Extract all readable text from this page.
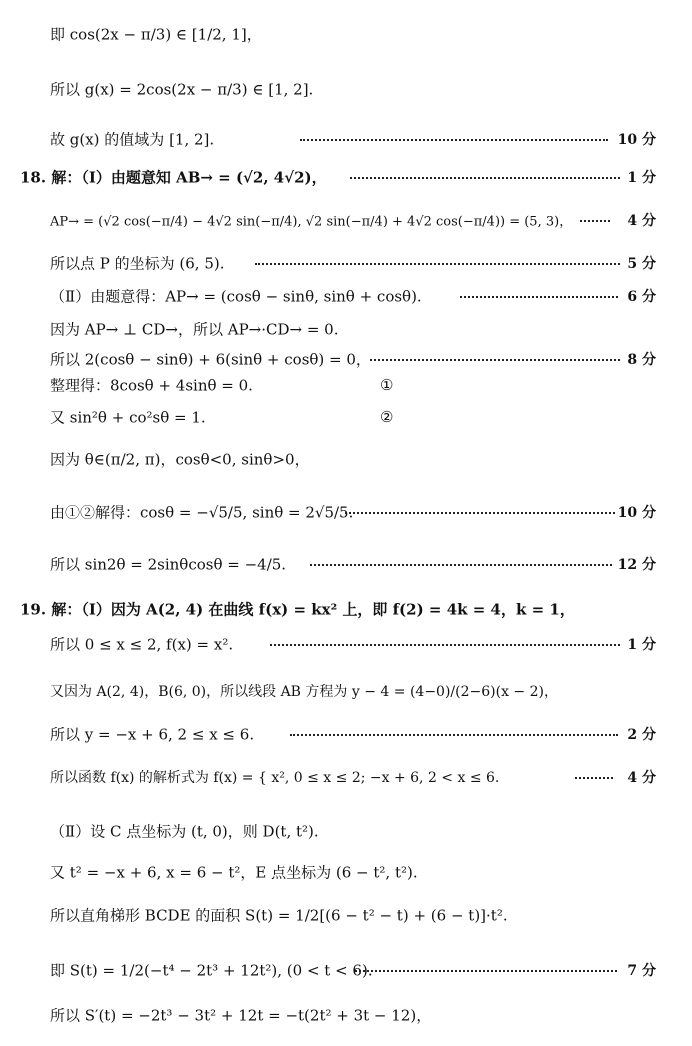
即 cos(2x − π/3) ∈ [1/2, 1]，
所以 g(x) = 2cos(2x − π/3) ∈ [1, 2].
故 g(x) 的值域为 [1, 2].	10 分
18. 解：（Ⅰ）由题意知 AB→ = (√2, 4√2)，	1 分
AP→ = (√2 cos(−π/4) − 4√2 sin(−π/4), √2 sin(−π/4) + 4√2 cos(−π/4)) = (5, 3)，	4 分
所以点 P 的坐标为 (6, 5).	5 分
（Ⅱ）由题意得：AP→ = (cosθ − sinθ, sinθ + cosθ).	6 分
因为 AP→ ⊥ CD→，所以 AP→·CD→ = 0.
所以 2(cosθ − sinθ) + 6(sinθ + cosθ) = 0，	8 分
整理得：8cosθ + 4sinθ = 0.	①
又 sin²θ + co²sθ = 1.	②
因为 θ∈(π/2, π)，cosθ<0, sinθ>0，
由①②解得：cosθ = −√5/5, sinθ = 2√5/5.	10 分
所以 sin2θ = 2sinθcosθ = −4/5.	12 分
19. 解：（Ⅰ）因为 A(2, 4) 在曲线 f(x) = kx² 上，即 f(2) = 4k = 4，k = 1，
所以 0 ≤ x ≤ 2, f(x) = x².	1 分
又因为 A(2, 4)，B(6, 0)，所以线段 AB 方程为 y − 4 = (4−0)/(2−6)(x − 2)，
所以 y = −x + 6, 2 ≤ x ≤ 6.	2 分
所以函数 f(x) 的解析式为 f(x) = { x², 0 ≤ x ≤ 2; −x + 6, 2 < x ≤ 6.	4 分
（Ⅱ）设 C 点坐标为 (t, 0)，则 D(t, t²).
又 t² = −x + 6, x = 6 − t²，E 点坐标为 (6 − t², t²).
所以直角梯形 BCDE 的面积 S(t) = 1/2[(6 − t² − t) + (6 − t)]·t².
即 S(t) = 1/2(−t⁴ − 2t³ + 12t²), (0 < t < 6).	7 分
所以 S′(t) = −2t³ − 3t² + 12t = −t(2t² + 3t − 12)，
